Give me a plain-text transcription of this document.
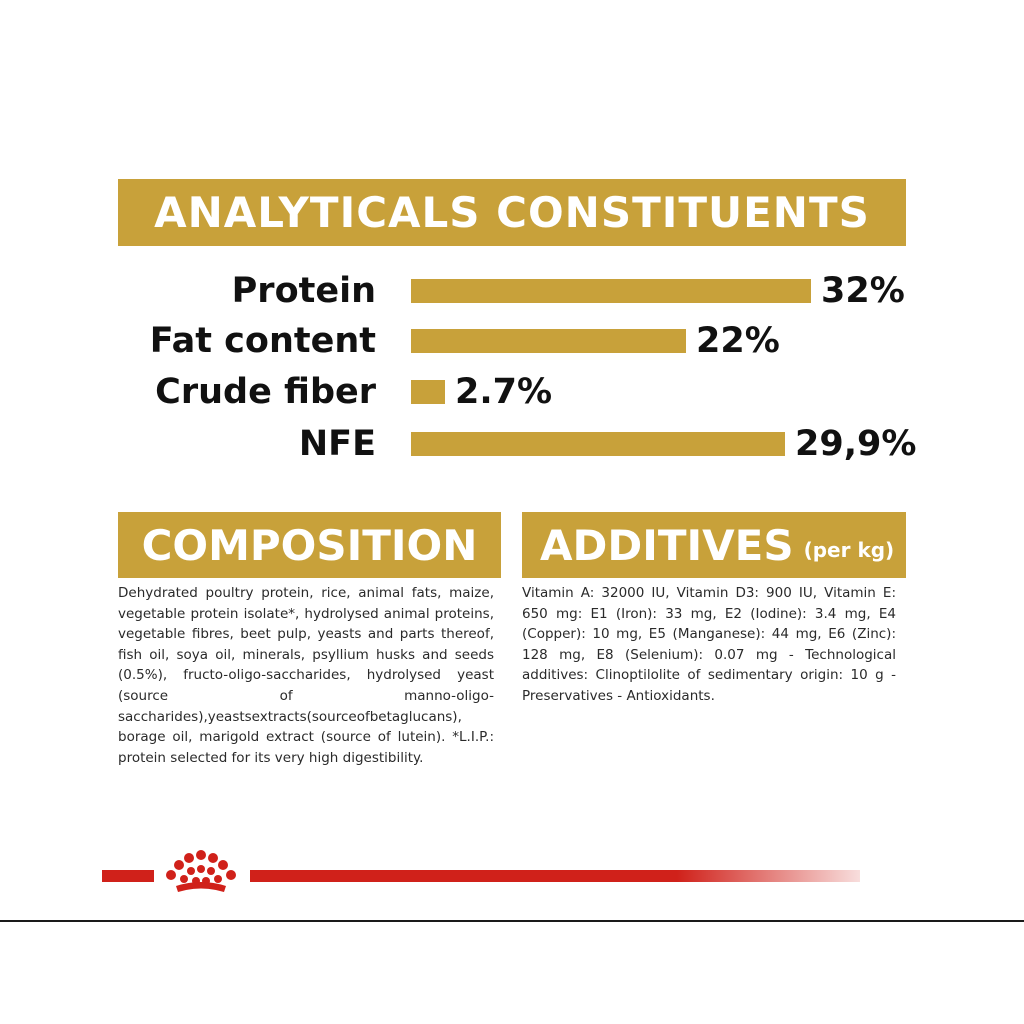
ANALYTICALS CONSTITUENTS
Protein	32%
Fat content	22%
Crude fiber 2.7%
NFE	29,9%
COMPOSITION ADDITIVES (per kg)
Dehydrated poultry protein, rice, animal fats, maize, vegetable protein isolate*, hydrolysed animal proteins, vegetable fibres, beet pulp, yeasts and parts thereof, fish oil, soya oil, minerals, psyllium husks and seeds (0.5%), fructo-oligo-saccharides, hydrolysed yeast (source of manno-oligo-saccharides),yeastsextracts(sourceofbetaglucans), borage oil, marigold extract (source of lutein). *L.I.P.: protein selected for its very high digestibility.
Vitamin A: 32000 IU, Vitamin D3: 900 IU, Vitamin E: 650 mg: E1 (Iron): 33 mg, E2 (Iodine): 3.4 mg, E4 (Copper): 10 mg, E5 (Manganese): 44 mg, E6 (Zinc): 128 mg, E8 (Selenium): 0.07 mg - Technological additives: Clinoptilolite of sedimentary origin: 10 g - Preservatives - Antioxidants.
